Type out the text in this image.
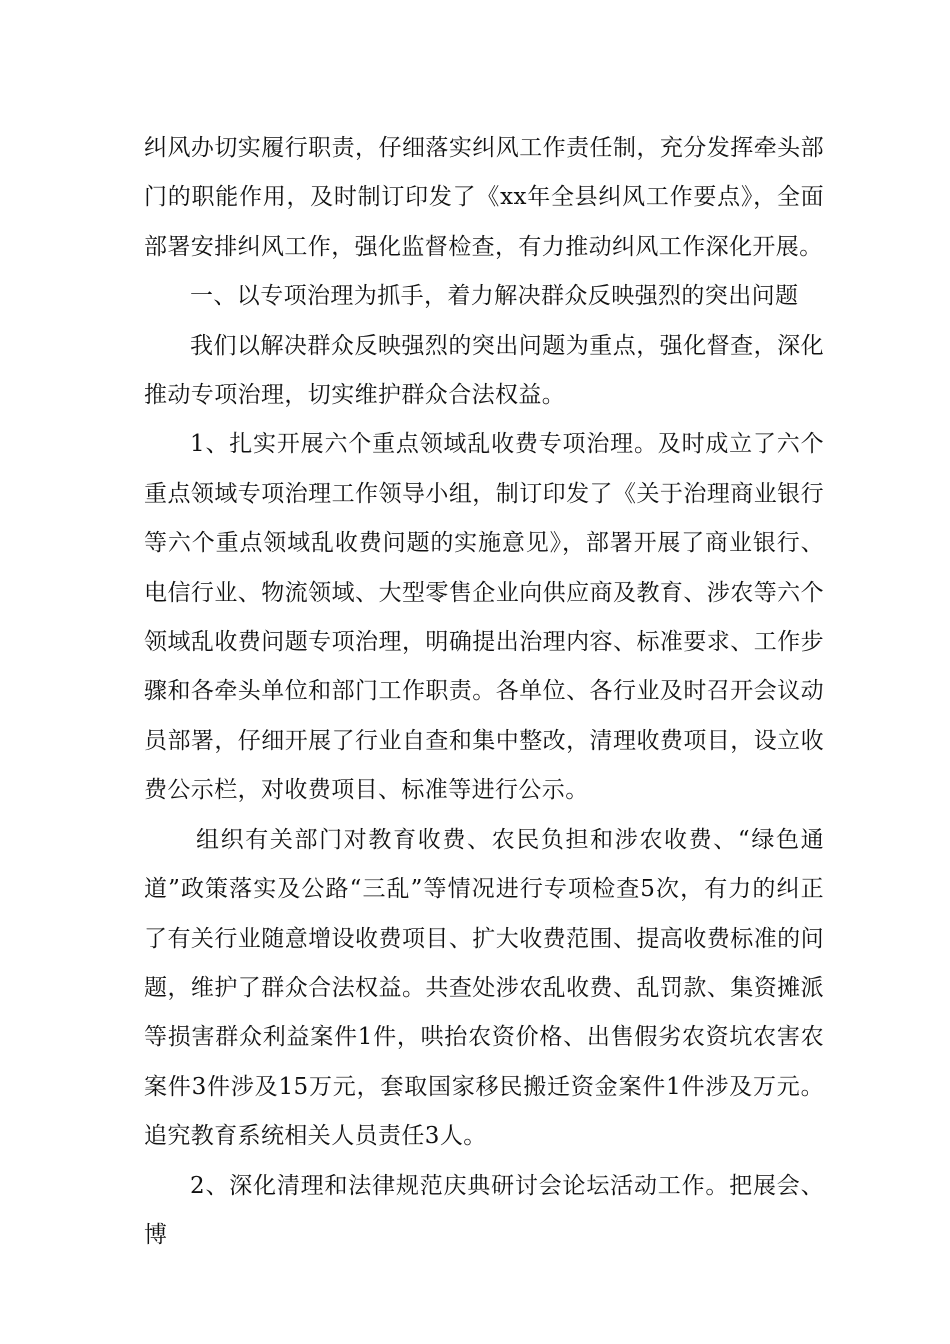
纠风办切实履行职责，仔细落实纠风工作责任制，充分发挥牵头部门的职能作用，及时制订印发了《xx年全县纠风工作要点》，全面部署安排纠风工作，强化监督检查，有力推动纠风工作深化开展。

一、以专项治理为抓手，着力解决群众反映强烈的突出问题

我们以解决群众反映强烈的突出问题为重点，强化督查，深化推动专项治理，切实维护群众合法权益。

1、扎实开展六个重点领域乱收费专项治理。及时成立了六个重点领域专项治理工作领导小组，制订印发了《关于治理商业银行等六个重点领域乱收费问题的实施意见》，部署开展了商业银行、电信行业、物流领域、大型零售企业向供应商及教育、涉农等六个领域乱收费问题专项治理，明确提出治理内容、标准要求、工作步骤和各牵头单位和部门工作职责。各单位、各行业及时召开会议动员部署，仔细开展了行业自查和集中整改，清理收费项目，设立收费公示栏，对收费项目、标准等进行公示。

组织有关部门对教育收费、农民负担和涉农收费、“绿色通道”政策落实及公路“三乱”等情况进行专项检查5次，有力的纠正了有关行业随意增设收费项目、扩大收费范围、提高收费标准的问题，维护了群众合法权益。共查处涉农乱收费、乱罚款、集资摊派等损害群众利益案件1件，哄抬农资价格、出售假劣农资坑农害农案件3件涉及15万元，套取国家移民搬迁资金案件1件涉及万元。追究教育系统相关人员责任3人。

2、深化清理和法律规范庆典研讨会论坛活动工作。把展会、博
